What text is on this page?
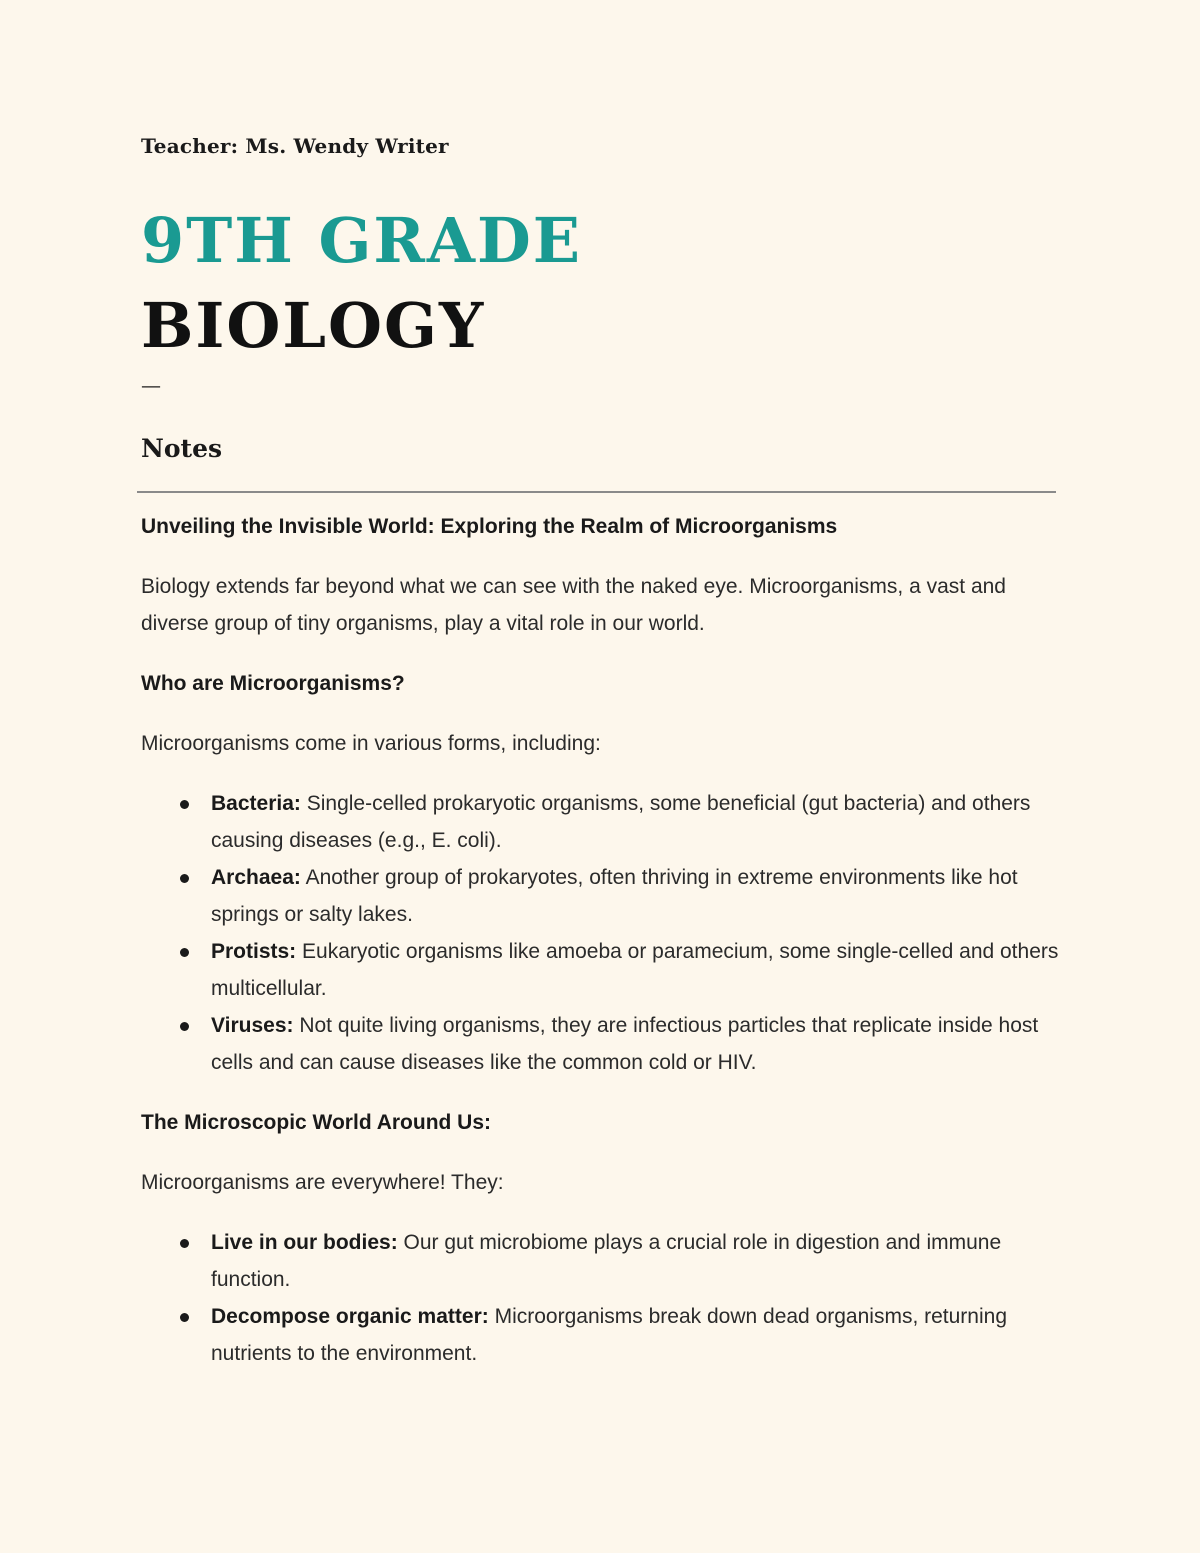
Teacher: Ms. Wendy Writer
9TH GRADE
BIOLOGY
—
Notes
Unveiling the Invisible World: Exploring the Realm of Microorganisms

Biology extends far beyond what we can see with the naked eye. Microorganisms, a vast and diverse group of tiny organisms, play a vital role in our world.

Who are Microorganisms?

Microorganisms come in various forms, including:

Bacteria: Single-celled prokaryotic organisms, some beneficial (gut bacteria) and others causing diseases (e.g., E. coli).
Archaea: Another group of prokaryotes, often thriving in extreme environments like hot springs or salty lakes.
Protists: Eukaryotic organisms like amoeba or paramecium, some single-celled and others multicellular.
Viruses: Not quite living organisms, they are infectious particles that replicate inside host cells and can cause diseases like the common cold or HIV.
The Microscopic World Around Us:

Microorganisms are everywhere! They:

Live in our bodies: Our gut microbiome plays a crucial role in digestion and immune function.
Decompose organic matter: Microorganisms break down dead organisms, returning nutrients to the environment.
